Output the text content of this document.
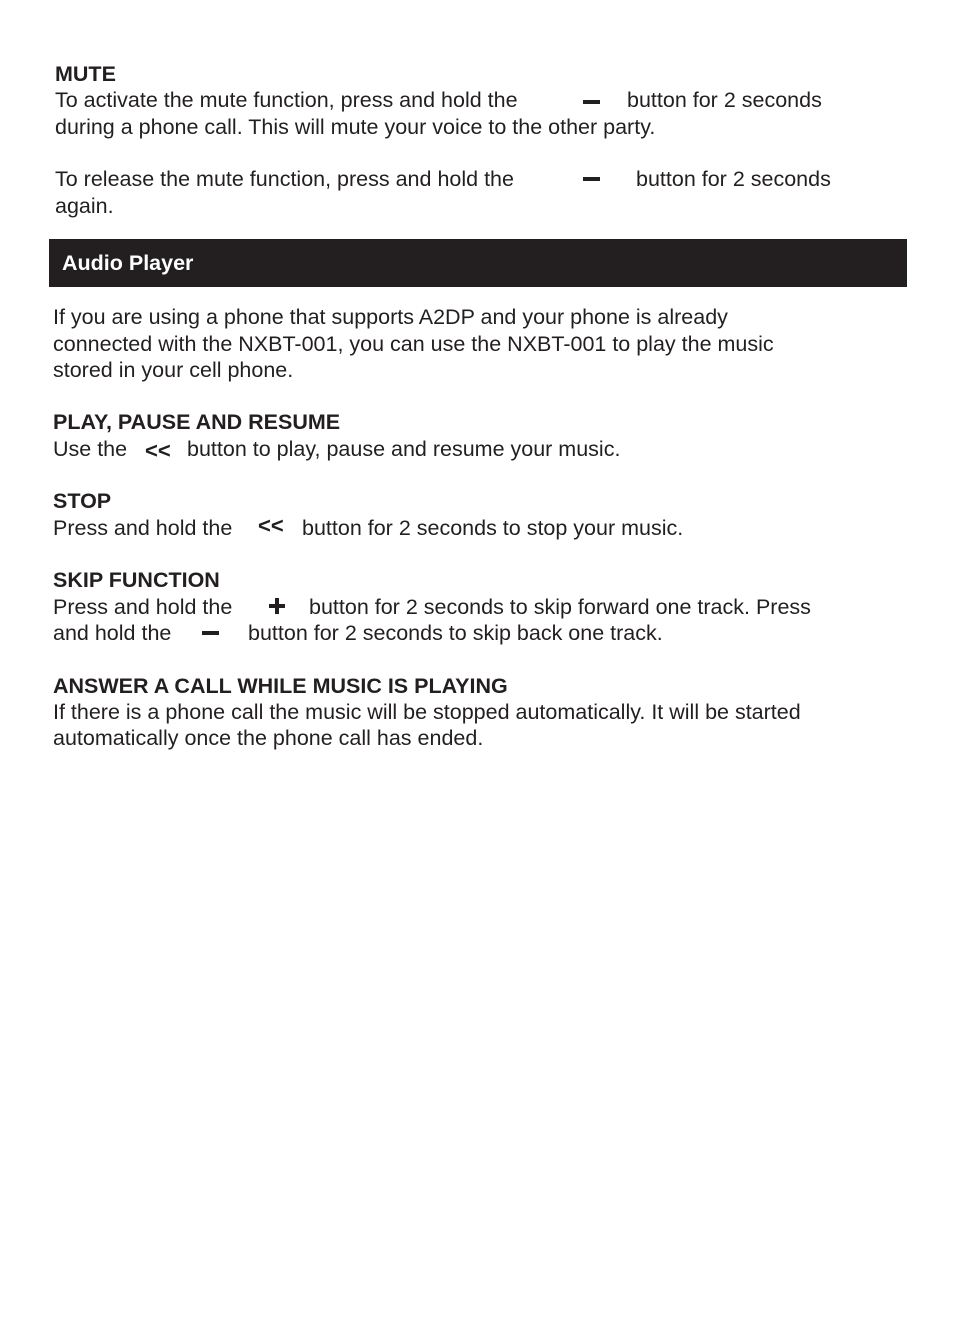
MUTE

To activate the mute function, press and hold the	button for 2 seconds

during a phone call. This will mute your voice to the other party.

To release the mute function, press and hold the	button for 2 seconds

again.

Audio Player

If you are using a phone that supports A2DP and your phone is already

connected with the NXBT-001, you can use the NXBT-001 to play the music

stored in your cell phone.

PLAY, PAUSE AND RESUME

Use the << button to play, pause and resume your music.

STOP

Press and hold the << button for 2 seconds to stop your music.

SKIP FUNCTION

Press and hold the	button for 2 seconds to skip forward one track. Press

and hold the	button for 2 seconds to skip back one track.

ANSWER A CALL WHILE MUSIC IS PLAYING

If there is a phone call the music will be stopped automatically. It will be started

automatically once the phone call has ended.
